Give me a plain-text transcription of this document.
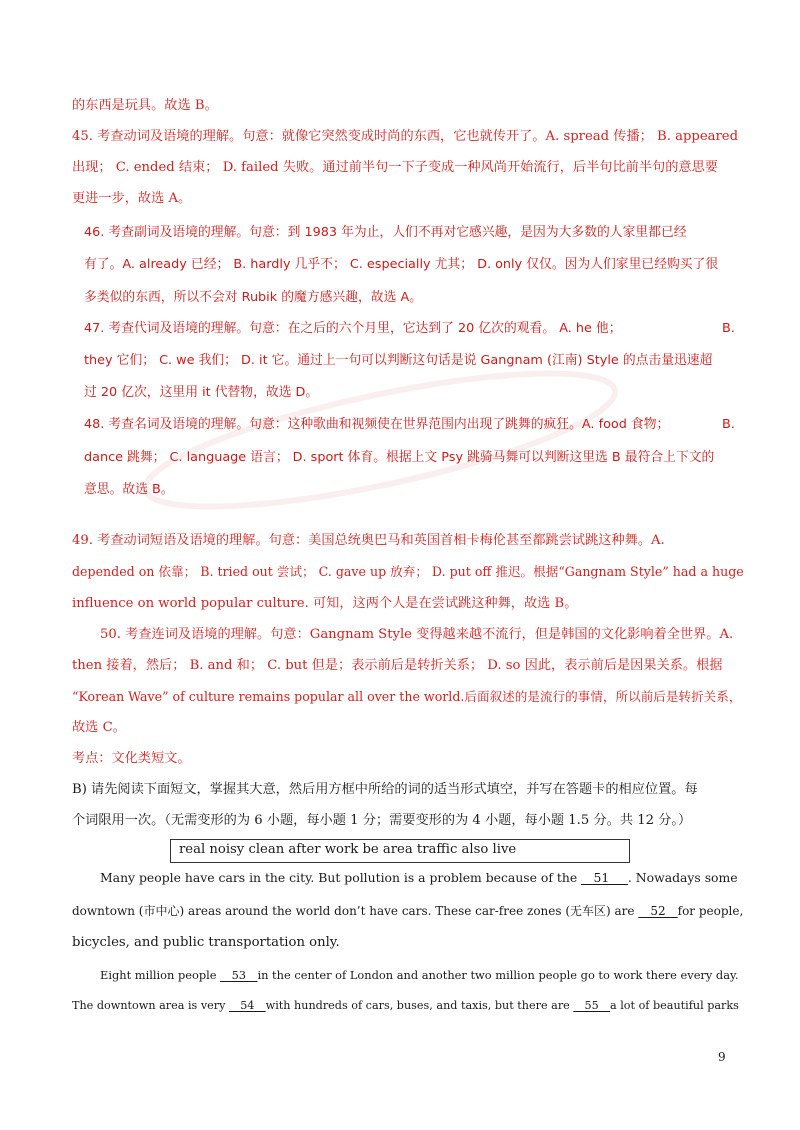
的东西是玩具。故选 B。
45. 考查动词及语境的理解。句意：就像它突然变成时尚的东西，它也就传开了。A. spread 传播； B. appeared
出现； C. ended 结束； D. failed 失败。通过前半句一下子变成一种风尚开始流行，后半句比前半句的意思要
更进一步，故选 A。
46. 考查副词及语境的理解。句意：到 1983 年为止，人们不再对它感兴趣，是因为大多数的人家里都已经
有了。A. already 已经； B. hardly 几乎不； C. especially 尤其； D. only 仅仅。因为人们家里已经购买了很
多类似的东西，所以不会对 Rubik 的魔方感兴趣，故选 A。
47. 考查代词及语境的理解。句意：在之后的六个月里，它达到了 20 亿次的观看。 A. he 他；	B.
they 它们； C. we 我们； D. it 它。通过上一句可以判断这句话是说 Gangnam (江南) Style 的点击量迅速超
过 20 亿次，这里用 it 代替物，故选 D。
48. 考查名词及语境的理解。句意：这种歌曲和视频使在世界范围内出现了跳舞的疯狂。A. food 食物；	B.
dance 跳舞； C. language 语言； D. sport 体育。根据上文 Psy 跳骑马舞可以判断这里选 B 最符合上下文的
意思。故选 B。
49. 考查动词短语及语境的理解。句意：美国总统奥巴马和英国首相卡梅伦甚至都跳尝试跳这种舞。A.
depended on 依靠； B. tried out 尝试； C. gave up 放弃； D. put off 推迟。根据“Gangnam Style” had a huge
influence on world popular culture. 可知，这两个人是在尝试跳这种舞，故选 B。
50. 考查连词及语境的理解。句意：Gangnam Style 变得越来越不流行，但是韩国的文化影响着全世界。A.
then 接着，然后； B. and 和； C. but 但是；表示前后是转折关系； D. so 因此，表示前后是因果关系。根据
“Korean Wave” of culture remains popular all over the world.后面叙述的是流行的事情，所以前后是转折关系，
故选 C。
考点：文化类短文。
B) 请先阅读下面短文，掌握其大意，然后用方框中所给的词的适当形式填空，并写在答题卡的相应位置。每
个词限用一次。（无需变形的为 6 小题，每小题 1 分；需要变形的为 4 小题，每小题 1.5 分。共 12 分。）
real noisy clean after work be area traffic also live
Many people have cars in the city. But pollution is a problem because of the __51___. Nowadays some
downtown (市中心) areas around the world don’t have cars. These car-free zones (无车区) are __52__for people,
bicycles, and public transportation only.
Eight million people __53__in the center of London and another two million people go to work there every day.
The downtown area is very __54__with hundreds of cars, buses, and taxis, but there are __55__a lot of beautiful parks
9
